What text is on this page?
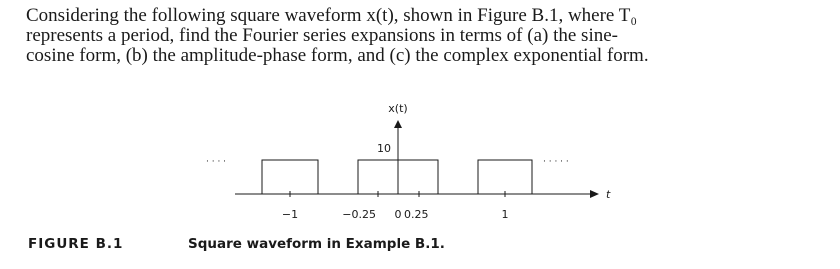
Considering the following square waveform x(t), shown in Figure B.1, where T₀
represents a period, find the Fourier series expansions in terms of (a) the sine-
cosine form, (b) the amplitude-phase form, and (c) the complex exponential form.
x(t)
10
t
· · · ·	· · · · ·
−1	−0.25 0 0.25	1
FIGURE B.1	Square waveform in Example B.1.
